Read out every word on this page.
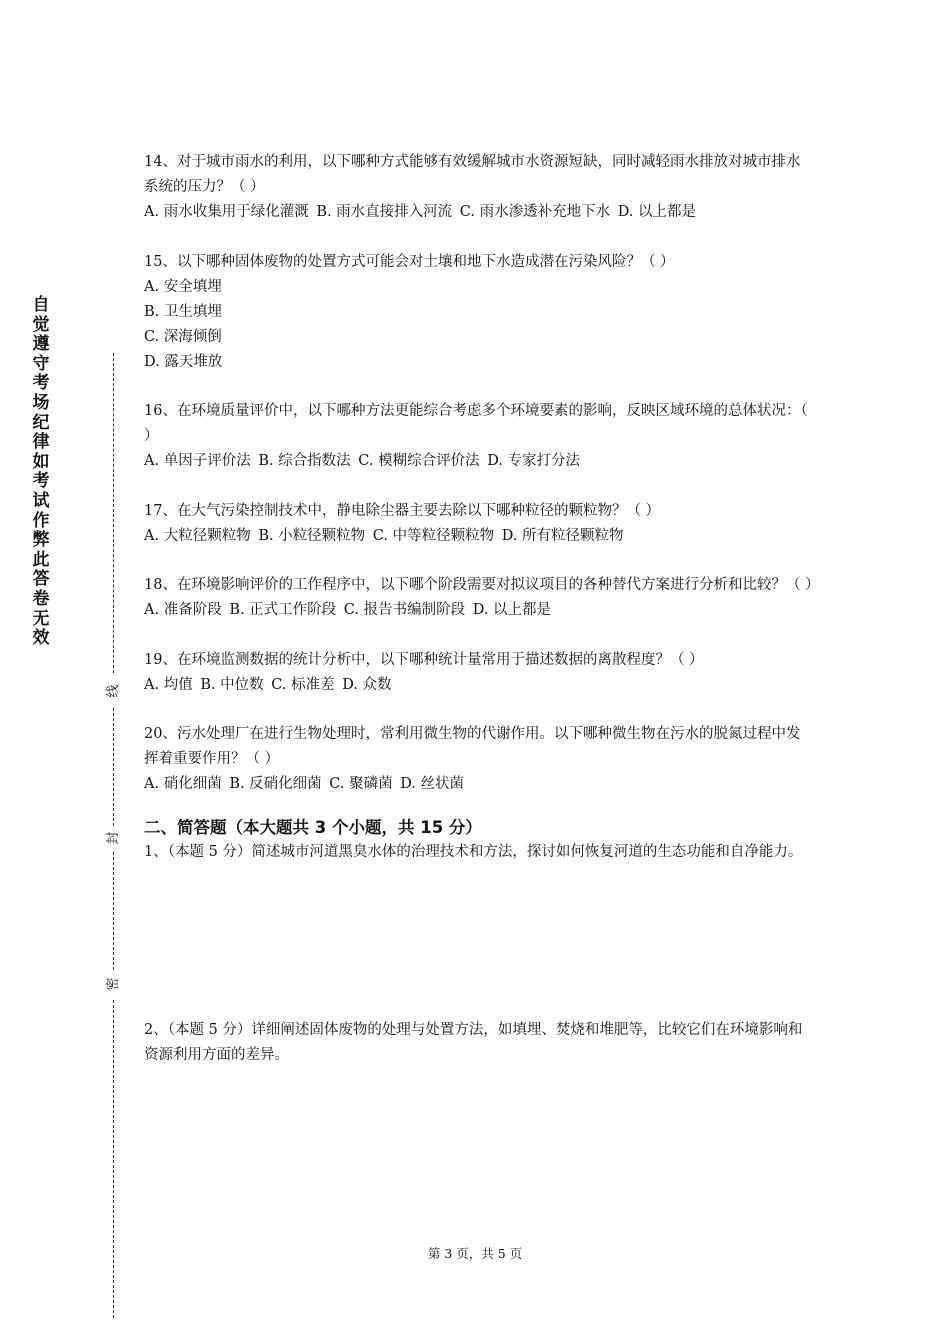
自
觉
遵
守
考
场
纪
律
如
考
试
作
弊
此
答
卷
无
效
线
封
密

14、对于城市雨水的利用，以下哪种方式能够有效缓解城市水资源短缺，同时减轻雨水排放对城市排水系统的压力？（ ）

A. 雨水收集用于绿化灌溉 B. 雨水直接排入河流 C. 雨水渗透补充地下水 D. 以上都是

15、以下哪种固体废物的处置方式可能会对土壤和地下水造成潜在污染风险？（ ）

A. 安全填埋

B. 卫生填埋

C. 深海倾倒

D. 露天堆放

16、在环境质量评价中，以下哪种方法更能综合考虑多个环境要素的影响，反映区域环境的总体状况：（ ）

A. 单因子评价法 B. 综合指数法 C. 模糊综合评价法 D. 专家打分法

17、在大气污染控制技术中，静电除尘器主要去除以下哪种粒径的颗粒物？（ ）

A. 大粒径颗粒物 B. 小粒径颗粒物 C. 中等粒径颗粒物 D. 所有粒径颗粒物

18、在环境影响评价的工作程序中，以下哪个阶段需要对拟议项目的各种替代方案进行分析和比较？（ ）

A. 准备阶段 B. 正式工作阶段 C. 报告书编制阶段 D. 以上都是

19、在环境监测数据的统计分析中，以下哪种统计量常用于描述数据的离散程度？（ ）

A. 均值 B. 中位数 C. 标准差 D. 众数

20、污水处理厂在进行生物处理时，常利用微生物的代谢作用。以下哪种微生物在污水的脱氮过程中发挥着重要作用？（ ）

A. 硝化细菌 B. 反硝化细菌 C. 聚磷菌 D. 丝状菌

二、简答题（本大题共 3 个小题，共 15 分）

1、（本题 5 分）简述城市河道黑臭水体的治理技术和方法，探讨如何恢复河道的生态功能和自净能力。

2、（本题 5 分）详细阐述固体废物的处理与处置方法，如填埋、焚烧和堆肥等，比较它们在环境影响和资源利用方面的差异。

第 3 页，共 5 页
